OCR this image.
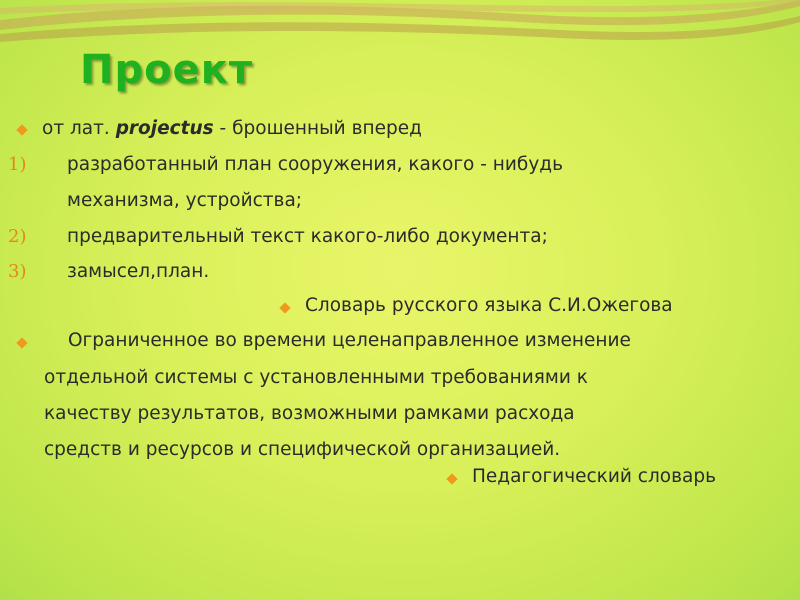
Проект
от лат. projectus - брошенный вперед
1) разработанный план сооружения, какого - нибудь
механизма, устройства;
2) предварительный текст какого-либо документа;
3) замысел,план.
Словарь русского языка С.И.Ожегова
Ограниченное во времени целенаправленное изменение
отдельной системы с установленными требованиями к
качеству результатов, возможными рамками расхода
средств и ресурсов и специфической организацией.
Педагогический словарь
